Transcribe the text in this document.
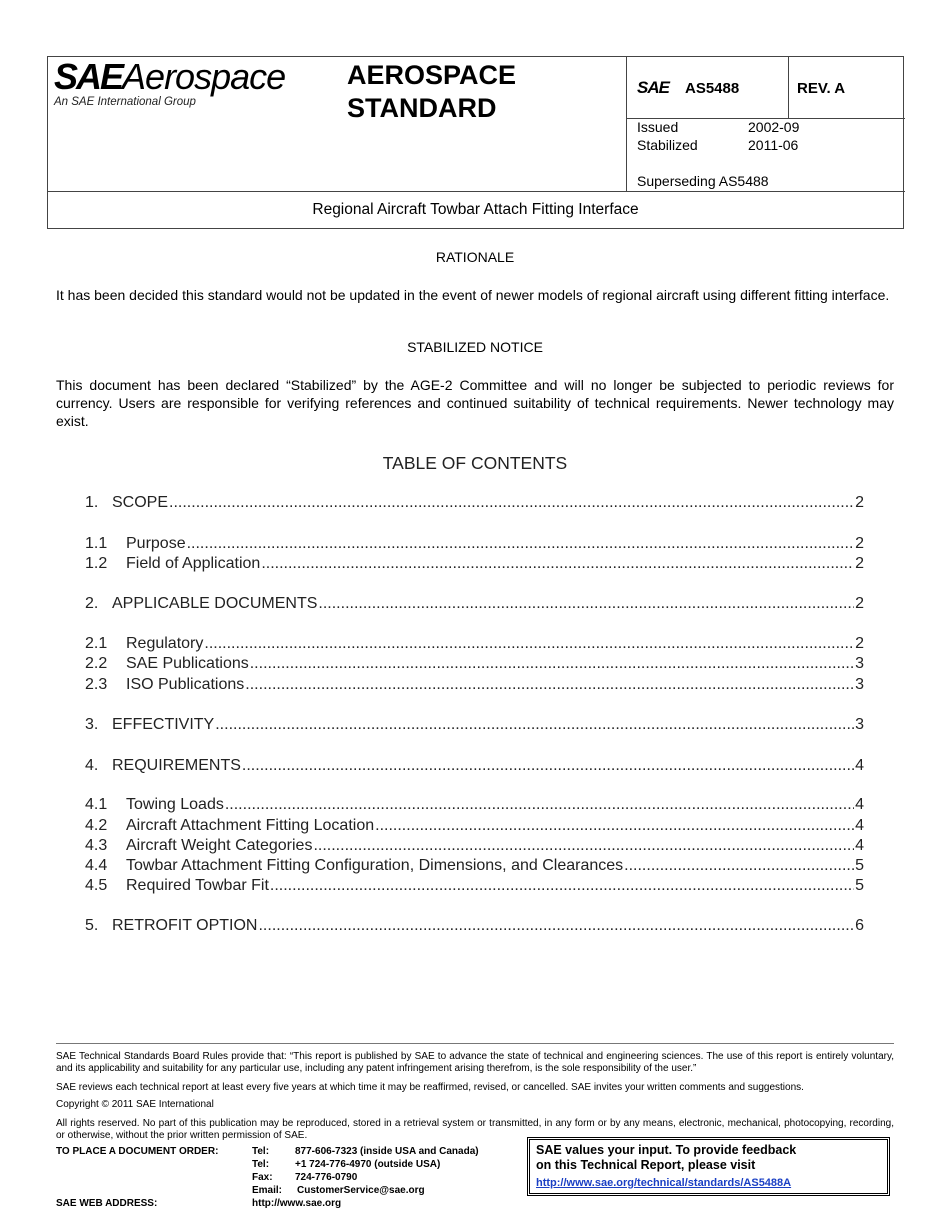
SAEAerospace
An SAE International Group
AEROSPACE
STANDARD
SAE AS5488	REV. A
Issued	2002-09
Stabilized	2011-06
Superseding AS5488
Regional Aircraft Towbar Attach Fitting Interface
RATIONALE
It has been decided this standard would not be updated in the event of newer models of regional aircraft using different fitting interface.
STABILIZED NOTICE
This document has been declared “Stabilized” by the AGE-2 Committee and will no longer be subjected to periodic reviews for currency. Users are responsible for verifying references and continued suitability of technical requirements. Newer technology may exist.
TABLE OF CONTENTS
1. SCOPE .....	2
1.1	Purpose .....	2
1.2	Field of Application .....	2
2. APPLICABLE DOCUMENTS .....	2
2.1	Regulatory .....	2
2.2	SAE Publications .....	3
2.3	ISO Publications .....	3
3. EFFECTIVITY .....	3
4. REQUIREMENTS .....	4
4.1	Towing Loads .....	4
4.2	Aircraft Attachment Fitting Location .....	4
4.3	Aircraft Weight Categories .....	4
4.4	Towbar Attachment Fitting Configuration, Dimensions, and Clearances .....	5
4.5	Required Towbar Fit .....	5
5. RETROFIT OPTION .....	6
SAE Technical Standards Board Rules provide that: “This report is published by SAE to advance the state of technical and engineering sciences. The use of this report is entirely voluntary, and its applicability and suitability for any particular use, including any patent infringement arising therefrom, is the sole responsibility of the user.”
SAE reviews each technical report at least every five years at which time it may be reaffirmed, revised, or cancelled. SAE invites your written comments and suggestions.
Copyright © 2011 SAE International
All rights reserved. No part of this publication may be reproduced, stored in a retrieval system or transmitted, in any form or by any means, electronic, mechanical, photocopying, recording, or otherwise, without the prior written permission of SAE.
TO PLACE A DOCUMENT ORDER:	Tel:	877-606-7323 (inside USA and Canada)
Tel:	+1 724-776-4970 (outside USA)
Fax: 724-776-0790
Email: CustomerService@sae.org
SAE WEB ADDRESS:	http://www.sae.org
SAE values your input. To provide feedback
on this Technical Report, please visit
http://www.sae.org/technical/standards/AS5488A
